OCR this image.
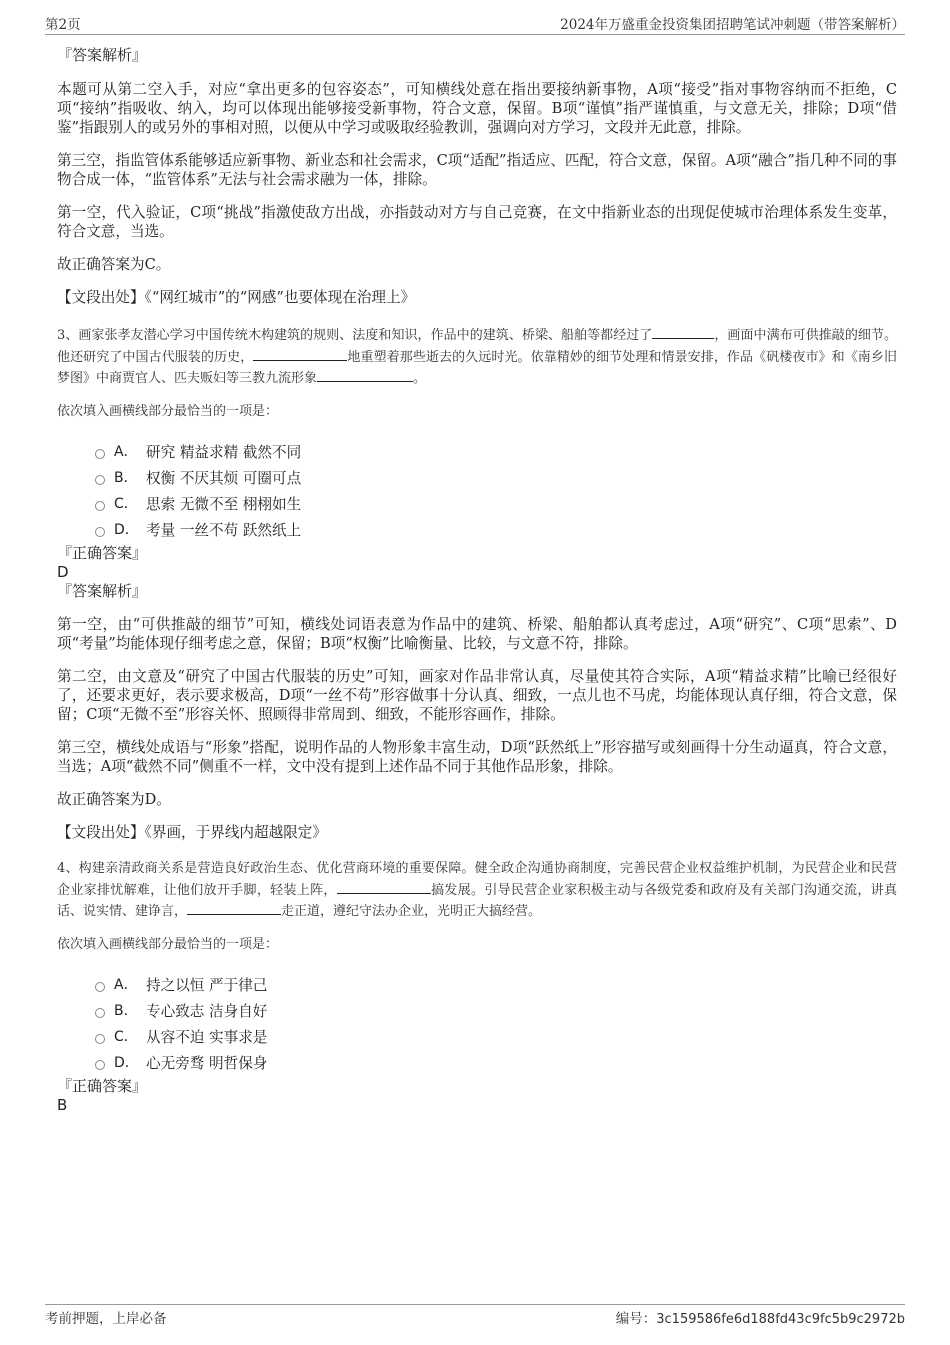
第2页	2024年万盛重金投资集团招聘笔试冲刺题（带答案解析）

『答案解析』

本题可从第二空入手，对应“拿出更多的包容姿态”，可知横线处意在指出要接纳新事物，A项“接受”指对事物容纳而不拒绝，C项“接纳”指吸收、纳入，均可以体现出能够接受新事物，符合文意，保留。B项“谨慎”指严谨慎重，与文意无关，排除；D项“借鉴”指跟别人的或另外的事相对照，以便从中学习或吸取经验教训，强调向对方学习，文段并无此意，排除。

第三空，指监管体系能够适应新事物、新业态和社会需求，C项“适配”指适应、匹配，符合文意，保留。A项“融合”指几种不同的事物合成一体，“监管体系”无法与社会需求融为一体，排除。

第一空，代入验证，C项“挑战”指激使敌方出战，亦指鼓动对方与自己竞赛，在文中指新业态的出现促使城市治理体系发生变革，符合文意，当选。

故正确答案为C。

【文段出处】《“网红城市”的“网感”也要体现在治理上》

3、画家张孝友潜心学习中国传统木构建筑的规则、法度和知识，作品中的建筑、桥梁、船舶等都经过了	，画面中满布可供推敲的细节。他还研究了中国古代服装的历史，	地重塑着那些逝去的久远时光。依靠精妙的细节处理和情景安排，作品《矾楼夜市》和《南乡旧梦图》中商贾官人、匹夫贩妇等三教九流形象	。

依次填入画横线部分最恰当的一项是：

A． 研究 精益求精 截然不同
B． 权衡 不厌其烦 可圈可点
C． 思索 无微不至 栩栩如生
D． 考量 一丝不苟 跃然纸上

『正确答案』

D

『答案解析』

第一空，由“可供推敲的细节”可知，横线处词语表意为作品中的建筑、桥梁、船舶都认真考虑过，A项“研究”、C项“思索”、D项“考量”均能体现仔细考虑之意，保留；B项“权衡”比喻衡量、比较，与文意不符，排除。

第二空，由文意及“研究了中国古代服装的历史”可知，画家对作品非常认真，尽量使其符合实际，A项“精益求精”比喻已经很好了，还要求更好，表示要求极高，D项“一丝不苟”形容做事十分认真、细致，一点儿也不马虎，均能体现认真仔细，符合文意，保留；C项“无微不至”形容关怀、照顾得非常周到、细致，不能形容画作，排除。

第三空，横线处成语与“形象”搭配，说明作品的人物形象丰富生动，D项“跃然纸上”形容描写或刻画得十分生动逼真，符合文意，当选；A项“截然不同”侧重不一样，文中没有提到上述作品不同于其他作品形象，排除。

故正确答案为D。

【文段出处】《界画，于界线内超越限定》

4、构建亲清政商关系是营造良好政治生态、优化营商环境的重要保障。健全政企沟通协商制度，完善民营企业权益维护机制，为民营企业和民营企业家排忧解难，让他们放开手脚，轻装上阵，	搞发展。引导民营企业家积极主动与各级党委和政府及有关部门沟通交流，讲真话、说实情、建诤言，	走正道，遵纪守法办企业，光明正大搞经营。

依次填入画横线部分最恰当的一项是：

A． 持之以恒 严于律己
B． 专心致志 洁身自好
C． 从容不迫 实事求是
D． 心无旁骛 明哲保身

『正确答案』

B

考前押题，上岸必备	编号：3c159586fe6d188fd43c9fc5b9c2972b
